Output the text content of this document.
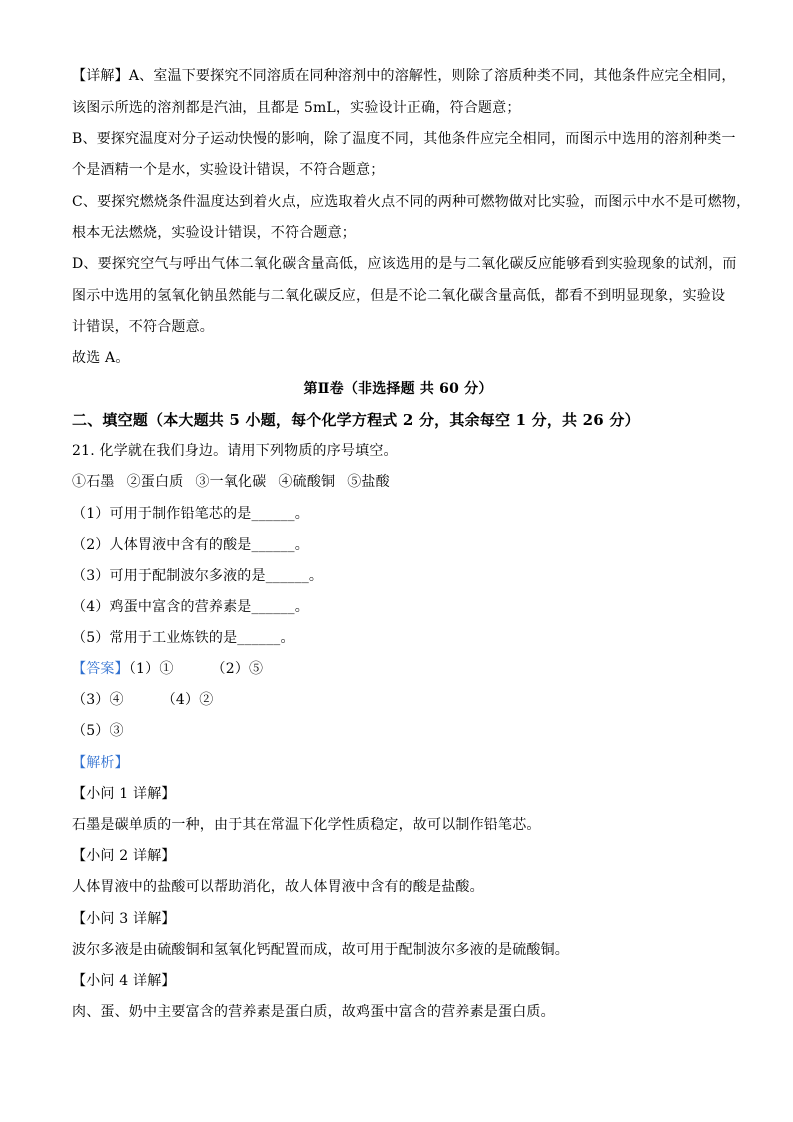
【详解】A、室温下要探究不同溶质在同种溶剂中的溶解性，则除了溶质种类不同，其他条件应完全相同，
该图示所选的溶剂都是汽油，且都是 5mL，实验设计正确，符合题意；
B、要探究温度对分子运动快慢的影响，除了温度不同，其他条件应完全相同，而图示中选用的溶剂种类一
个是酒精一个是水，实验设计错误，不符合题意；
C、要探究燃烧条件温度达到着火点，应选取着火点不同的两种可燃物做对比实验，而图示中水不是可燃物，
根本无法燃烧，实验设计错误，不符合题意；
D、要探究空气与呼出气体二氧化碳含量高低，应该选用的是与二氧化碳反应能够看到实验现象的试剂，而
图示中选用的氢氧化钠虽然能与二氧化碳反应，但是不论二氧化碳含量高低，都看不到明显现象，实验设
计错误，不符合题意。
故选 A。
第Ⅱ卷（非选择题 共 60 分）
二、填空题（本大题共 5 小题，每个化学方程式 2 分，其余每空 1 分，共 26 分）
21. 化学就在我们身边。请用下列物质的序号填空。
①石墨 ②蛋白质 ③一氧化碳 ④硫酸铜 ⑤盐酸
（1）可用于制作铅笔芯的是______。
（2）人体胃液中含有的酸是______。
（3）可用于配制波尔多液的是______。
（4）鸡蛋中富含的营养素是______。
（5）常用于工业炼铁的是______。
【答案】（1）①	（2）⑤
（3）④	（4）②
（5）③
【解析】
【小问 1 详解】
石墨是碳单质的一种，由于其在常温下化学性质稳定，故可以制作铅笔芯。
【小问 2 详解】
人体胃液中的盐酸可以帮助消化，故人体胃液中含有的酸是盐酸。
【小问 3 详解】
波尔多液是由硫酸铜和氢氧化钙配置而成，故可用于配制波尔多液的是硫酸铜。
【小问 4 详解】
肉、蛋、奶中主要富含的营养素是蛋白质，故鸡蛋中富含的营养素是蛋白质。
